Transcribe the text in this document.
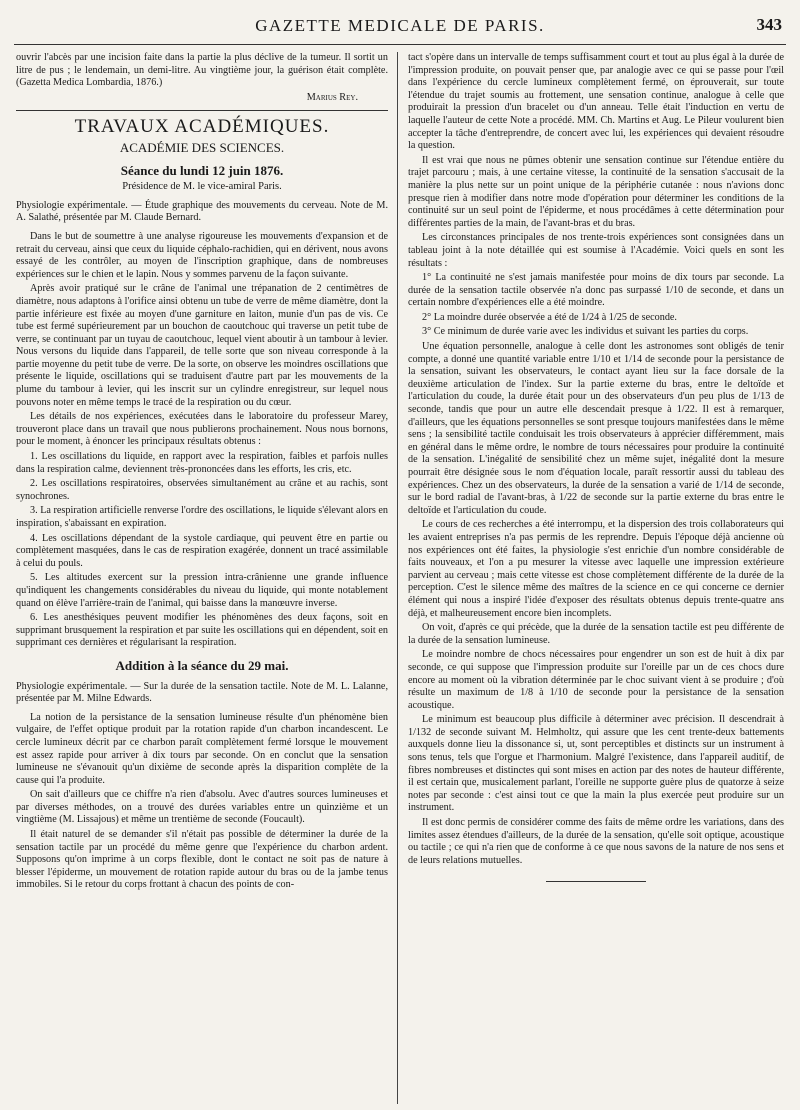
GAZETTE MEDICALE DE PARIS.	343

ouvrir l'abcès par une incision faite dans la partie la plus déclive de la tumeur. Il sortit un litre de pus ; le lendemain, un demi-litre. Au vingtième jour, la guérison était complète. (Gazetta Medica Lombardia, 1876.)

Marius Rey.

TRAVAUX ACADÉMIQUES.

ACADÉMIE DES SCIENCES.

Séance du lundi 12 juin 1876.

Présidence de M. le vice-amiral Paris.

Physiologie expérimentale. — Étude graphique des mouvements du cerveau. Note de M. A. Salathé, présentée par M. Claude Bernard.

Dans le but de soumettre à une analyse rigoureuse les mouvements d'expansion et de retrait du cerveau, ainsi que ceux du liquide céphalo-rachidien, qui en dérivent, nous avons essayé de les contrôler, au moyen de l'inscription graphique, dans de nombreuses expériences sur le chien et le lapin. Nous y sommes parvenu de la façon suivante.

Après avoir pratiqué sur le crâne de l'animal une trépanation de 2 centimètres de diamètre, nous adaptons à l'orifice ainsi obtenu un tube de verre de même diamètre, dont la partie inférieure est fixée au moyen d'une garniture en laiton, munie d'un pas de vis. Ce tube est fermé supérieurement par un bouchon de caoutchouc qui traverse un petit tube de verre, se continuant par un tuyau de caoutchouc, lequel vient aboutir à un tambour à levier. Nous versons du liquide dans l'appareil, de telle sorte que son niveau corresponde à la partie moyenne du petit tube de verre. De la sorte, on observe les moindres oscillations que présente le liquide, oscillations qui se traduisent d'autre part par les mouvements de la plume du tambour à levier, qui les inscrit sur un cylindre enregistreur, sur lequel nous pouvons noter en même temps le tracé de la respiration ou du cœur.

Les détails de nos expériences, exécutées dans le laboratoire du professeur Marey, trouveront place dans un travail que nous publierons prochainement. Nous nous bornons, pour le moment, à énoncer les principaux résultats obtenus :

1. Les oscillations du liquide, en rapport avec la respiration, faibles et parfois nulles dans la respiration calme, deviennent très-prononcées dans les efforts, les cris, etc.

2. Les oscillations respiratoires, observées simultanément au crâne et au rachis, sont synochrones.

3. La respiration artificielle renverse l'ordre des oscillations, le liquide s'élevant alors en inspiration, s'abaissant en expiration.

4. Les oscillations dépendant de la systole cardiaque, qui peuvent être en partie ou complètement masquées, dans le cas de respiration exagérée, donnent un tracé assimilable à celui du pouls.

5. Les altitudes exercent sur la pression intra-crânienne une grande influence qu'indiquent les changements considérables du niveau du liquide, qui monte notablement quand on élève l'arrière-train de l'animal, qui baisse dans la manœuvre inverse.

6. Les anesthésiques peuvent modifier les phénomènes des deux façons, soit en supprimant brusquement la respiration et par suite les oscillations qui en dépendent, soit en supprimant ces dernières et régularisant la respiration.

Addition à la séance du 29 mai.

Physiologie expérimentale. — Sur la durée de la sensation tactile. Note de M. L. Lalanne, présentée par M. Milne Edwards.

La notion de la persistance de la sensation lumineuse résulte d'un phénomène bien vulgaire, de l'effet optique produit par la rotation rapide d'un charbon incandescent. Le cercle lumineux décrit par ce charbon paraît complètement fermé lorsque le mouvement est assez rapide pour arriver à dix tours par seconde. On en conclut que la sensation lumineuse ne s'évanouit qu'un dixième de seconde après la disparition complète de la cause qui l'a produite.

On sait d'ailleurs que ce chiffre n'a rien d'absolu. Avec d'autres sources lumineuses et par diverses méthodes, on a trouvé des durées variables entre un quinzième et un vingtième (M. Lissajous) et même un trentième de seconde (Foucault).

Il était naturel de se demander s'il n'était pas possible de déterminer la durée de la sensation tactile par un procédé du même genre que l'expérience du charbon ardent. Supposons qu'on imprime à un corps flexible, dont le contact ne soit pas de nature à blesser l'épiderme, un mouvement de rotation rapide autour du bras ou de la jambe tenus immobiles. Si le retour du corps frottant à chacun des points de con-

tact s'opère dans un intervalle de temps suffisamment court et tout au plus égal à la durée de l'impression produite, on pouvait penser que, par analogie avec ce qui se passe pour l'œil dans l'expérience du cercle lumineux complètement fermé, on éprouverait, sur toute l'étendue du trajet soumis au frottement, une sensation continue, analogue à celle que produirait la pression d'un bracelet ou d'un anneau. Telle était l'induction en vertu de laquelle l'auteur de cette Note a procédé. MM. Ch. Martins et Aug. Le Pileur voulurent bien accepter la tâche d'entreprendre, de concert avec lui, les expériences qui devaient résoudre la question.

Il est vrai que nous ne pûmes obtenir une sensation continue sur l'étendue entière du trajet parcouru ; mais, à une certaine vitesse, la continuité de la sensation s'accusait de la manière la plus nette sur un point unique de la périphérie cutanée : nous n'avions donc presque rien à modifier dans notre mode d'opération pour déterminer les conditions de la continuité sur un seul point de l'épiderme, et nous procédâmes à cette détermination pour différentes parties de la main, de l'avant-bras et du bras.

Les circonstances principales de nos trente-trois expériences sont consignées dans un tableau joint à la note détaillée qui est soumise à l'Académie. Voici quels en sont les résultats :

1° La continuité ne s'est jamais manifestée pour moins de dix tours par seconde. La durée de la sensation tactile observée n'a donc pas surpassé 1/10 de seconde, et dans un certain nombre d'expériences elle a été moindre.

2° La moindre durée observée a été de 1/24 à 1/25 de seconde.

3° Ce minimum de durée varie avec les individus et suivant les parties du corps.

Une équation personnelle, analogue à celle dont les astronomes sont obligés de tenir compte, a donné une quantité variable entre 1/10 et 1/14 de seconde pour la persistance de la sensation, suivant les observateurs, le contact ayant lieu sur la face dorsale de la deuxième articulation de l'index. Sur la partie externe du bras, entre le deltoïde et l'articulation du coude, la durée était pour un des observateurs d'un peu plus de 1/13 de seconde, tandis que pour un autre elle descendait presque à 1/22. Il est à remarquer, d'ailleurs, que les équations personnelles se sont presque toujours manifestées dans le même sens ; la sensibilité tactile conduisait les trois observateurs à apprécier différemment, mais en général dans le même ordre, le nombre de tours nécessaires pour produire la continuité de la sensation. L'inégalité de sensibilité chez un même sujet, inégalité dont la mesure pourrait être désignée sous le nom d'équation locale, paraît ressortir aussi du tableau des expériences. Chez un des observateurs, la durée de la sensation a varié de 1/14 de seconde, sur le bord radial de l'avant-bras, à 1/22 de seconde sur la partie externe du bras entre le deltoïde et l'articulation du coude.

Le cours de ces recherches a été interrompu, et la dispersion des trois collaborateurs qui les avaient entreprises n'a pas permis de les reprendre. Depuis l'époque déjà ancienne où nos expériences ont été faites, la physiologie s'est enrichie d'un nombre considérable de faits nouveaux, et l'on a pu mesurer la vitesse avec laquelle une impression extérieure parvient au cerveau ; mais cette vitesse est chose complètement différente de la durée de la perception. C'est le silence même des maîtres de la science en ce qui concerne ce dernier élément qui nous a inspiré l'idée d'exposer des résultats obtenus depuis trente-quatre ans déjà, et malheureusement encore bien incomplets.

On voit, d'après ce qui précède, que la durée de la sensation tactile est peu différente de la durée de la sensation lumineuse.

Le moindre nombre de chocs nécessaires pour engendrer un son est de huit à dix par seconde, ce qui suppose que l'impression produite sur l'oreille par un de ces chocs dure encore au moment où la vibration déterminée par le choc suivant vient à se produire ; d'où résulte un maximum de 1/8 à 1/10 de seconde pour la persistance de la sensation acoustique.

Le minimum est beaucoup plus difficile à déterminer avec précision. Il descendrait à 1/132 de seconde suivant M. Helmholtz, qui assure que les cent trente-deux battements auxquels donne lieu la dissonance si, ut, sont perceptibles et distincts sur un instrument à sons tenus, tels que l'orgue et l'harmonium. Malgré l'existence, dans l'appareil auditif, de fibres nombreuses et distinctes qui sont mises en action par des notes de hauteur différente, il est certain que, musicalement parlant, l'oreille ne supporte guère plus de quatorze à seize notes par seconde : c'est ainsi tout ce que la main la plus exercée peut produire sur un instrument.

Il est donc permis de considérer comme des faits de même ordre les variations, dans des limites assez étendues d'ailleurs, de la durée de la sensation, qu'elle soit optique, acoustique ou tactile ; ce qui n'a rien que de conforme à ce que nous savons de la nature de nos sens et de leurs relations mutuelles.
